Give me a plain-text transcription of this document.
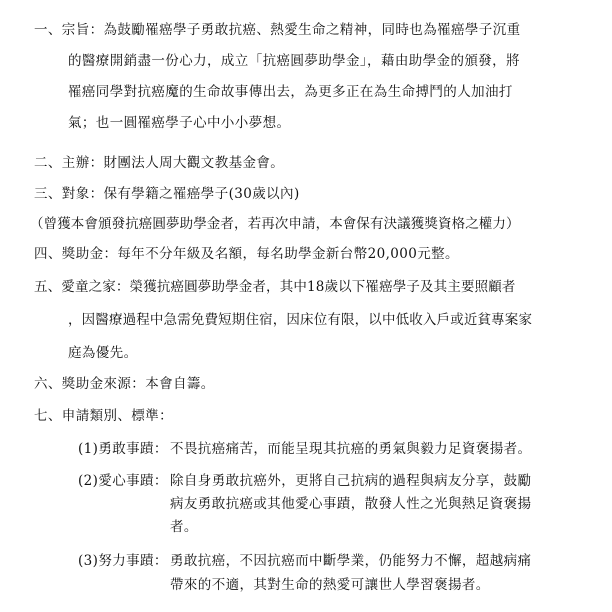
一、宗旨：為鼓勵罹癌學子勇敢抗癌、熱愛生命之精神，同時也為罹癌學子沉重
的醫療開銷盡一份心力，成立「抗癌圓夢助學金」，藉由助學金的頒發，將
罹癌同學對抗癌魔的生命故事傳出去，為更多正在為生命搏鬥的人加油打
氣；也一圓罹癌學子心中小小夢想。
二、主辦：財團法人周大觀文教基金會。
三、對象：保有學籍之罹癌學子(30歲以內)
（曾獲本會頒發抗癌圓夢助學金者，若再次申請，本會保有決議獲獎資格之權力）
四、獎助金：每年不分年級及名額，每名助學金新台幣20,000元整。
五、愛童之家：榮獲抗癌圓夢助學金者，其中18歲以下罹癌學子及其主要照顧者
，因醫療過程中急需免費短期住宿，因床位有限，以中低收入戶或近貧專案家
庭為優先。
六、獎助金來源：本會自籌。
七、申請類別、標準：
(1)勇敢事蹟： 不畏抗癌痛苦，而能呈現其抗癌的勇氣與毅力足資褒揚者。
(2)愛心事蹟： 除自身勇敢抗癌外，更將自己抗病的過程與病友分享，鼓勵
病友勇敢抗癌或其他愛心事蹟，散發人性之光與熱足資褒揚
者。
(3)努力事蹟： 勇敢抗癌，不因抗癌而中斷學業，仍能努力不懈，超越病痛
帶來的不適，其對生命的熱愛可讓世人學習褒揚者。
